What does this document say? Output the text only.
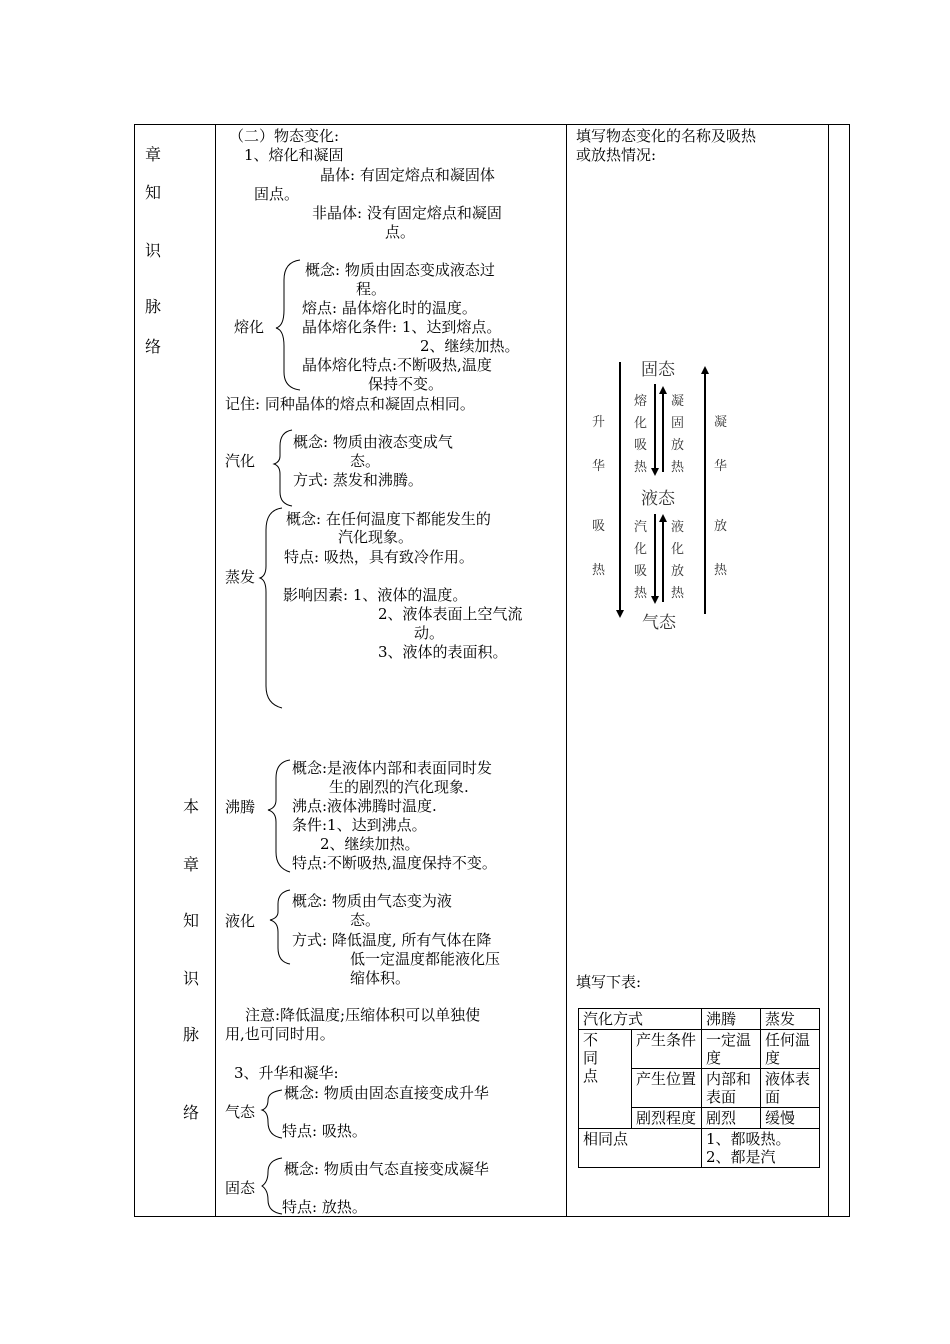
章
知
识
脉
络
本
章
知
识
脉
络
（二）物态变化:
1、熔化和凝固
晶体: 有固定熔点和凝固体
固点。
非晶体: 没有固定熔点和凝固
点。
熔化
概念: 物质由固态变成液态过
程。
熔点: 晶体熔化时的温度。
晶体熔化条件: 1、达到熔点。
2、继续加热。
晶体熔化特点:不断吸热,温度
保持不变。
记住: 同种晶体的熔点和凝固点相同。
汽化
概念: 物质由液态变成气
态。
方式: 蒸发和沸腾。
蒸发
概念: 在任何温度下都能发生的
汽化现象。
特点: 吸热，具有致冷作用。
影响因素: 1、液体的温度。
2、液体表面上空气流
动。
3、液体的表面积。
沸腾
概念:是液体内部和表面同时发
生的剧烈的汽化现象.
沸点:液体沸腾时温度.
条件:1、达到沸点。
2、继续加热。
特点:不断吸热,温度保持不变。
液化
概念: 物质由气态变为液
态。
方式: 降低温度, 所有气体在降
低一定温度都能液化压
缩体积。
注意:降低温度;压缩体积可以单独使
用,也可同时用。
3、升华和凝华:
气态
概念: 物质由固态直接变成升华
特点: 吸热。
固态
概念: 物质由气态直接变成凝华
特点: 放热。
填写物态变化的名称及吸热
或放热情况:
固态
液态
气态
升
华
吸
热
凝
华
放
热
熔
化
吸
热
凝
固
放
热
汽
化
吸
热
液
化
放
热
填写下表:
汽化方式		沸腾	蒸发

不同点	产生条件	一定温度	任何温度
	产生位置	内部和表面	液体表面
	剧烈程度	剧烈	缓慢
相同点		1、都吸热。
2、都是汽	
